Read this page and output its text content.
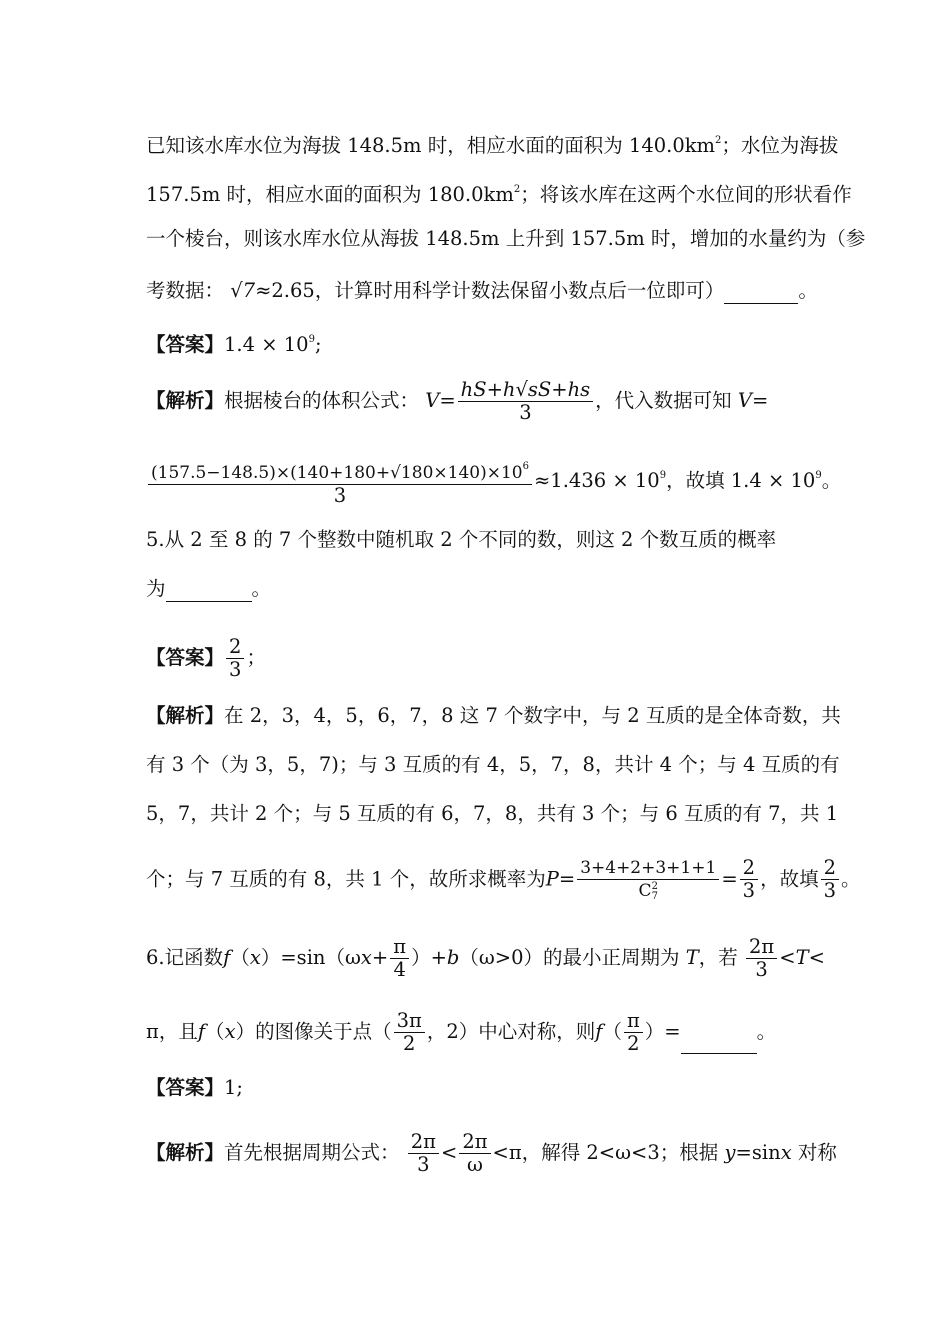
已知该水库水位为海拔 148.5m 时，相应水面的面积为 $140.0km^2$；水位为海拔
157.5m 时，相应水面的面积为 $180.0km^2$；将该水库在这两个水位间的形状看作
一个棱台，则该水库水位从海拔 148.5m 上升到 157.5m 时，增加的水量约为（参
考数据： √7≈2.65，计算时用科学计数法保留小数点后一位即可）	。
【答案】$1.4 \times 10^9$;
【解析】根据棱台的体积公式： $V= \frac{hS+h√sS+hs}{3}$ ，代入数据可知 V=
$\frac{(157.5-148.5)\times(140+180+√180\times 140)\times 10^6}{3} \approx 1.436 \times 10^9$，故填 $1.4 \times 10^9$。
5.从 2 至 8 的 7 个整数中随机取 2 个不同的数，则这 2 个数互质的概率
为	。
【答案】 $\frac{2}{3}$ ；
【解析】在 2，3，4，5，6，7，8 这 7 个数字中，与 2 互质的是全体奇数，共
有 3 个（为 3，5，7)；与 3 互质的有 4，5，7，8，共计 4 个；与 4 互质的有
5，7，共计 2 个；与 5 互质的有 6，7，8，共有 3 个；与 6 互质的有 7，共 1
个；与 7 互质的有 8，共 1 个，故所求概率为P= 3+4+2+3+1+1
C 2
$7 = \frac{2}{3}$ ，故填 $\frac{2}{3}$ 。
6.记函数$f(x)=\sin(\omega x+ \frac{\pi}{4} )+b(\omega>0)$的最小正周期为 T，若 $\frac{2\pi}{3} <T<$
π，且f（x）的图像关于点（ $\frac{3\pi}{2}$ ，2）中心对称，则$f( \frac{\pi}{2}$ ）=	。
【答案】1;
【解析】首先根据周期公式： $\frac{2\pi}{3} < \frac{2\pi}{\omega} <\pi$，解得 2<ω<3；根据 y=sinx 对称
